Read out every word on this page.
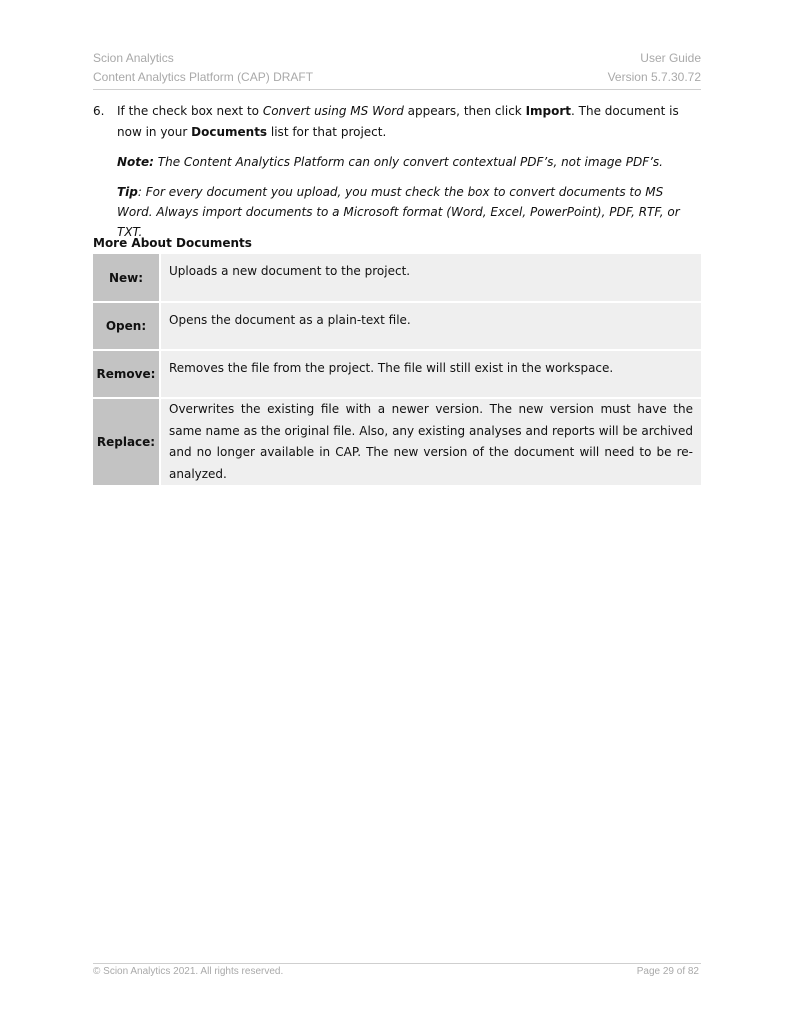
Scion Analytics	User Guide
Content Analytics Platform (CAP) DRAFT	Version 5.7.30.72
6. If the check box next to Convert using MS Word appears, then click Import. The document is now in your Documents list for that project.
Note: The Content Analytics Platform can only convert contextual PDF’s, not image PDF’s.
Tip: For every document you upload, you must check the box to convert documents to MS
Word. Always import documents to a Microsoft format (Word, Excel, PowerPoint), PDF, RTF, or TXT.
More About Documents
New:	Uploads a new document to the project.
Open:	Opens the document as a plain-text file.
Remove:	Removes the file from the project. The file will still exist in the workspace.
Replace:	Overwrites the existing file with a newer version. The new version must have the same name as the original file. Also, any existing analyses and reports will be archived and no longer available in CAP. The new version of the document will need to be re-analyzed.
© Scion Analytics 2021. All rights reserved.	Page 29 of 82
